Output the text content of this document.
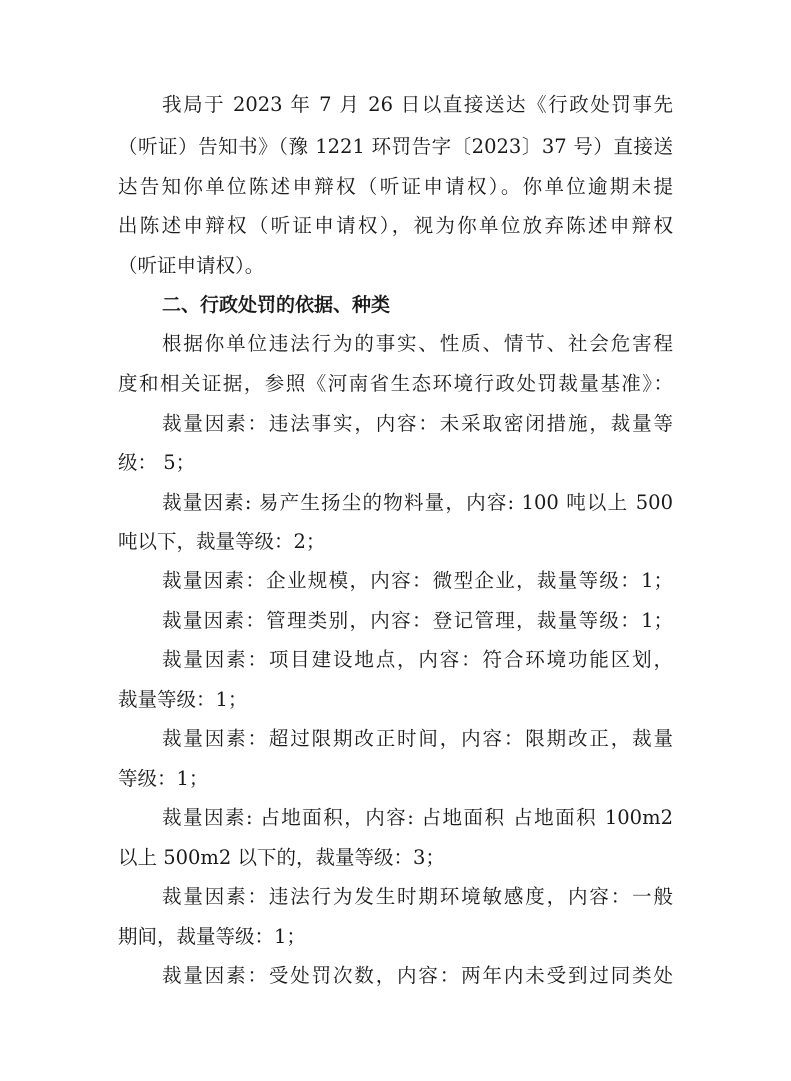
我局于 2023 年 7 月 26 日以直接送达《行政处罚事先
（听证）告知书》（豫 1221 环罚告字〔2023〕37 号）直接送
达告知你单位陈述申辩权（听证申请权）。你单位逾期未提
出陈述申辩权（听证申请权），视为你单位放弃陈述申辩权
（听证申请权）。
二、行政处罚的依据、种类
根据你单位违法行为的事实、性质、情节、社会危害程
度和相关证据，参照《河南省生态环境行政处罚裁量基准》：
裁量因素：违法事实，内容：未采取密闭措施，裁量等
级： 5；
裁量因素: 易产生扬尘的物料量，内容: 100 吨以上 500
吨以下，裁量等级：2；
裁量因素：企业规模，内容：微型企业，裁量等级：1；
裁量因素：管理类别，内容：登记管理，裁量等级：1；
裁量因素：项目建设地点，内容：符合环境功能区划，
裁量等级：1；
裁量因素：超过限期改正时间，内容：限期改正，裁量
等级：1；
裁量因素: 占地面积，内容: 占地面积 占地面积 100m2
以上 500m2 以下的，裁量等级：3；
裁量因素：违法行为发生时期环境敏感度，内容：一般
期间，裁量等级：1；
裁量因素：受处罚次数，内容：两年内未受到过同类处
